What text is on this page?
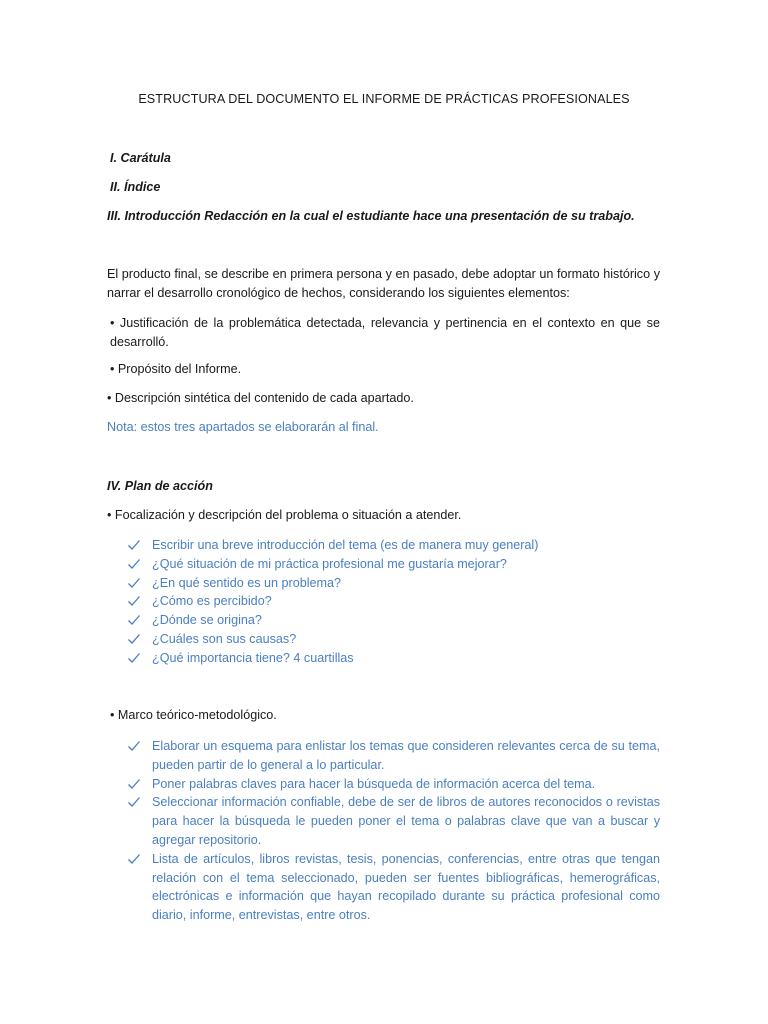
ESTRUCTURA DEL DOCUMENTO EL INFORME DE PRÁCTICAS PROFESIONALES
I. Carátula
II. Índice
III. Introducción Redacción en la cual el estudiante hace una presentación de su trabajo.
El producto final, se describe en primera persona y en pasado, debe adoptar un formato histórico y narrar el desarrollo cronológico de hechos, considerando los siguientes elementos:
• Justificación de la problemática detectada, relevancia y pertinencia en el contexto en que se desarrolló.
• Propósito del Informe.
• Descripción sintética del contenido de cada apartado.
Nota: estos tres apartados se elaborarán al final.
IV. Plan de acción
• Focalización y descripción del problema o situación a atender.
Escribir una breve introducción del tema (es de manera muy general)
¿Qué situación de mi práctica profesional me gustaría mejorar?
¿En qué sentido es un problema?
¿Cómo es percibido?
¿Dónde se origina?
¿Cuáles son sus causas?
¿Qué importancia tiene? 4 cuartillas
• Marco teórico-metodológico.
Elaborar un esquema para enlistar los temas que consideren relevantes cerca de su tema, pueden partir de lo general a lo particular.
Poner palabras claves para hacer la búsqueda de información acerca del tema.
Seleccionar información confiable, debe de ser de libros de autores reconocidos o revistas para hacer la búsqueda le pueden poner el tema o palabras clave que van a buscar y agregar repositorio.
Lista de artículos, libros revistas, tesis, ponencias, conferencias, entre otras que tengan relación con el tema seleccionado, pueden ser fuentes bibliográficas, hemerográficas, electrónicas e información que hayan recopilado durante su práctica profesional como diario, informe, entrevistas, entre otros.
